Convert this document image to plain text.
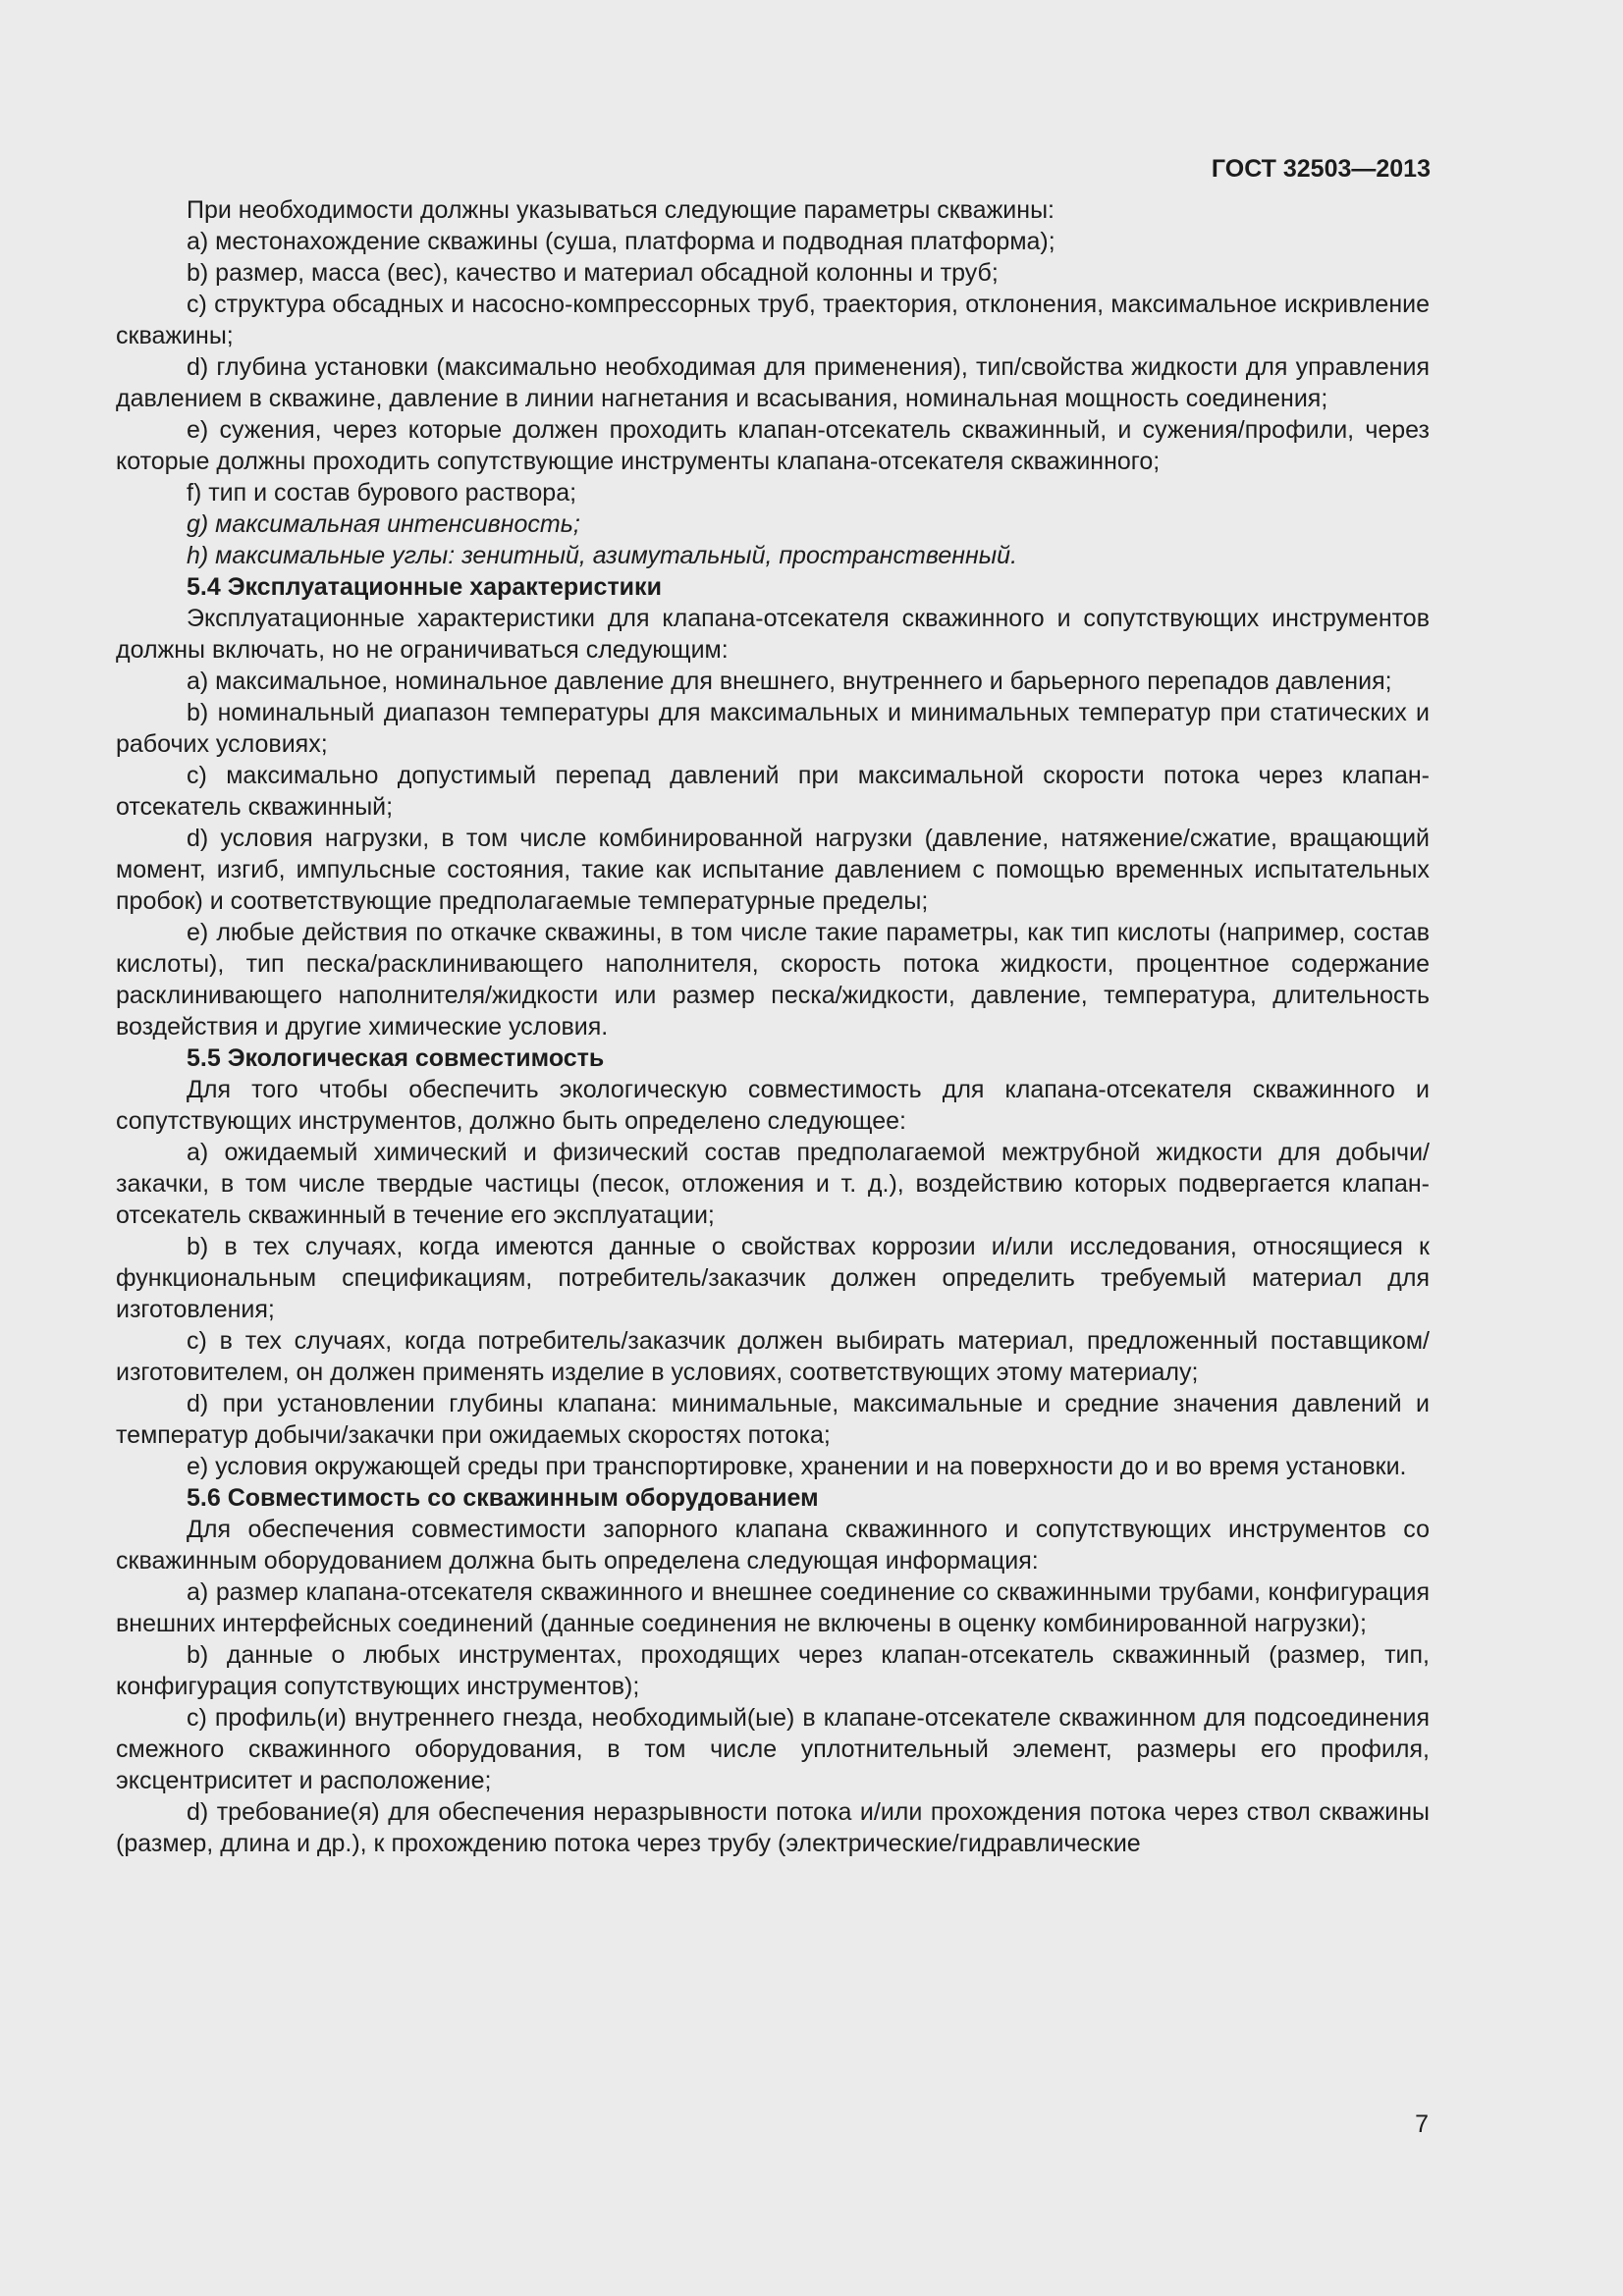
ГОСТ 32503—2013

При необходимости должны указываться следующие параметры скважины:

a) местонахождение скважины (суша, платформа и подводная платформа);

b) размер, масса (вес), качество и материал обсадной колонны и труб;

c) структура обсадных и насосно-компрессорных труб, траектория, отклонения, максимальное искривление скважины;

d) глубина установки (максимально необходимая для применения), тип/свойства жидкости для управления давлением в скважине, давление в линии нагнетания и всасывания, номинальная мощность соединения;

e) сужения, через которые должен проходить клапан-отсекатель скважинный, и сужения/профили, через которые должны проходить сопутствующие инструменты клапана-отсекателя скважинного;

f) тип и состав бурового раствора;

g) максимальная интенсивность;

h) максимальные углы: зенитный, азимутальный, пространственный.

5.4 Эксплуатационные характеристики

Эксплуатационные характеристики для клапана-отсекателя скважинного и сопутствующих инструментов должны включать, но не ограничиваться следующим:

a) максимальное, номинальное давление для внешнего, внутреннего и барьерного перепадов давления;

b) номинальный диапазон температуры для максимальных и минимальных температур при статических и рабочих условиях;

c) максимально допустимый перепад давлений при максимальной скорости потока через клапан-отсекатель скважинный;

d) условия нагрузки, в том числе комбинированной нагрузки (давление, натяжение/сжатие, вращающий момент, изгиб, импульсные состояния, такие как испытание давлением с помощью временных испытательных пробок) и соответствующие предполагаемые температурные пределы;

e) любые действия по откачке скважины, в том числе такие параметры, как тип кислоты (например, состав кислоты), тип песка/расклинивающего наполнителя, скорость потока жидкости, процентное содержание расклинивающего наполнителя/жидкости или размер песка/жидкости, давление, температура, длительность воздействия и другие химические условия.

5.5 Экологическая совместимость

Для того чтобы обеспечить экологическую совместимость для клапана-отсекателя скважинного и сопутствующих инструментов, должно быть определено следующее:

a) ожидаемый химический и физический состав предполагаемой межтрубной жидкости для добычи/закачки, в том числе твердые частицы (песок, отложения и т. д.), воздействию которых подвергается клапан-отсекатель скважинный в течение его эксплуатации;

b) в тех случаях, когда имеются данные о свойствах коррозии и/или исследования, относящиеся к функциональным спецификациям, потребитель/заказчик должен определить требуемый материал для изготовления;

c) в тех случаях, когда потребитель/заказчик должен выбирать материал, предложенный поставщиком/изготовителем, он должен применять изделие в условиях, соответствующих этому материалу;

d) при установлении глубины клапана: минимальные, максимальные и средние значения давлений и температур добычи/закачки при ожидаемых скоростях потока;

e) условия окружающей среды при транспортировке, хранении и на поверхности до и во время установки.

5.6 Совместимость со скважинным оборудованием

Для обеспечения совместимости запорного клапана скважинного и сопутствующих инструментов со скважинным оборудованием должна быть определена следующая информация:

a) размер клапана-отсекателя скважинного и внешнее соединение со скважинными трубами, конфигурация внешних интерфейсных соединений (данные соединения не включены в оценку комбинированной нагрузки);

b) данные о любых инструментах, проходящих через клапан-отсекатель скважинный (размер, тип, конфигурация сопутствующих инструментов);

c) профиль(и) внутреннего гнезда, необходимый(ые) в клапане-отсекателе скважинном для подсоединения смежного скважинного оборудования, в том числе уплотнительный элемент, размеры его профиля, эксцентриситет и расположение;

d) требование(я) для обеспечения неразрывности потока и/или прохождения потока через ствол скважины (размер, длина и др.), к прохождению потока через трубу (электрические/гидравлические

7
